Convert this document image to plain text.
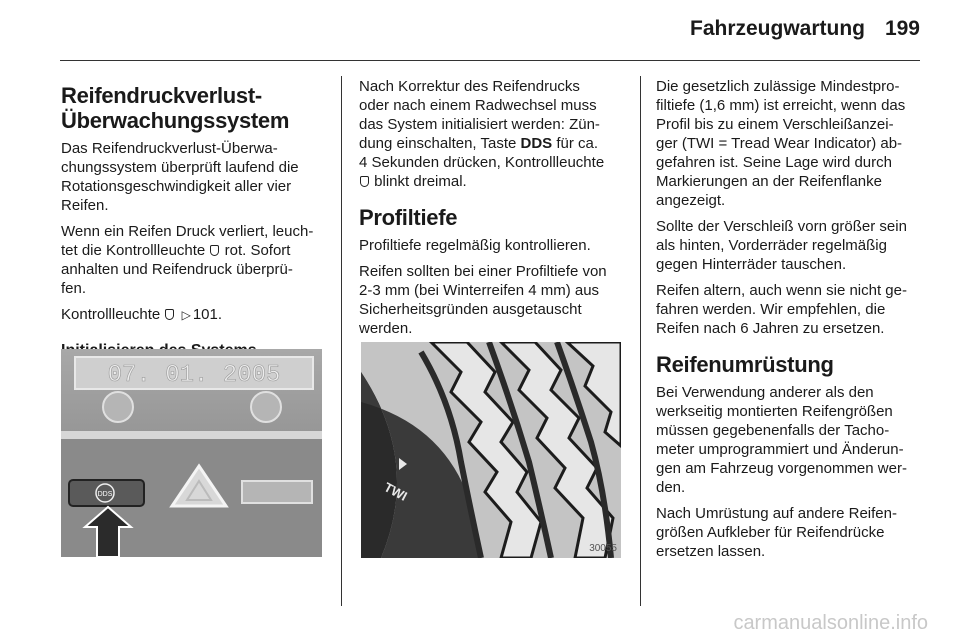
Fahrzeugwartung 199
Reifendruckverlust-
Überwachungssystem

Das Reifendruckverlust-Überwa-
chungssystem überprüft laufend die
Rotationsgeschwindigkeit aller vier
Reifen.

Wenn ein Reifen Druck verliert, leuch-
tet die Kontrollleuchte rot. Sofort
anhalten und Reifendruck überprü-
fen.

Kontrollleuchte ▷ 101.

07. 01. 2005
DDS

Nach Korrektur des Reifendrucks
oder nach einem Radwechsel muss
das System initialisiert werden: Zün-
dung einschalten, Taste DDS für ca.
4 Sekunden drücken, Kontrollleuchte
blinkt dreimal.

Profiltiefe

Profiltiefe regelmäßig kontrollieren.

Reifen sollten bei einer Profiltiefe von
2-3 mm (bei Winterreifen 4 mm) aus
Sicherheitsgründen ausgetauscht
werden.

TWI
30055

Die gesetzlich zulässige Mindestpro-
filtiefe (1,6 mm) ist erreicht, wenn das
Profil bis zu einem Verschleißanzei-
ger (TWI = Tread Wear Indicator) ab-
gefahren ist. Seine Lage wird durch
Markierungen an der Reifenflanke
angezeigt.

Sollte der Verschleiß vorn größer sein
als hinten, Vorderräder regelmäßig
gegen Hinterräder tauschen.

Reifen altern, auch wenn sie nicht ge-
fahren werden. Wir empfehlen, die
Reifen nach 6 Jahren zu ersetzen.

Reifenumrüstung

Bei Verwendung anderer als den
werkseitig montierten Reifengrößen
müssen gegebenenfalls der Tacho-
meter umprogrammiert und Änderun-
gen am Fahrzeug vorgenommen wer-
den.

Nach Umrüstung auf andere Reifen-
größen Aufkleber für Reifendrücke
ersetzen lassen.

carmanualsonline.info
